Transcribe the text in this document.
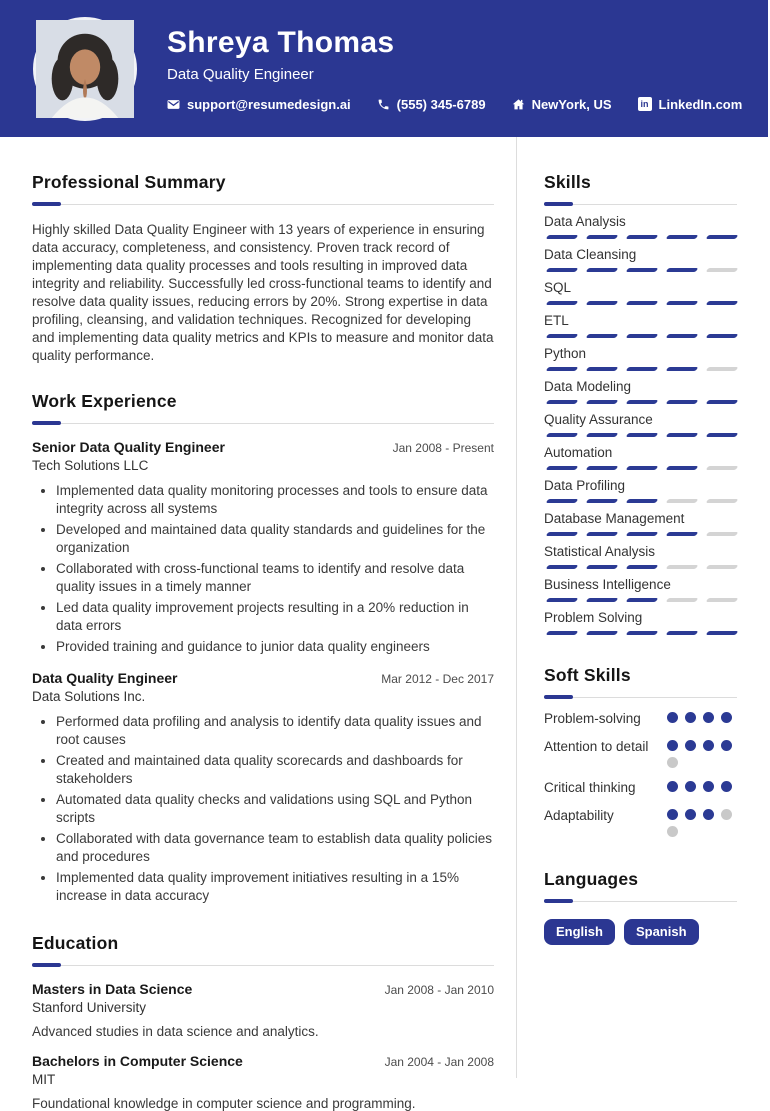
Shreya Thomas
Data Quality Engineer
support@resumedesign.ai	(555) 345-6789	NewYork, US	in LinkedIn.com
Professional Summary

Highly skilled Data Quality Engineer with 13 years of experience in ensuring data accuracy, completeness, and consistency. Proven track record of implementing data quality processes and tools resulting in improved data integrity and reliability. Successfully led cross-functional teams to identify and resolve data quality issues, reducing errors by 20%. Strong expertise in data profiling, cleansing, and validation techniques. Recognized for developing and implementing data quality metrics and KPIs to measure and monitor data quality performance.

Work Experience
Senior Data Quality Engineer	Jan 2008 - Present
Tech Solutions LLC
• Implemented data quality monitoring processes and tools to ensure data integrity across all systems
• Developed and maintained data quality standards and guidelines for the organization
• Collaborated with cross-functional teams to identify and resolve data quality issues in a timely manner
• Led data quality improvement projects resulting in a 20% reduction in data errors
• Provided training and guidance to junior data quality engineers
Data Quality Engineer	Mar 2012 - Dec 2017
Data Solutions Inc.
• Performed data profiling and analysis to identify data quality issues and root causes
• Created and maintained data quality scorecards and dashboards for stakeholders
• Automated data quality checks and validations using SQL and Python scripts
• Collaborated with data governance team to establish data quality policies and procedures
• Implemented data quality improvement initiatives resulting in a 15% increase in data accuracy
Education
Masters in Data Science	Jan 2008 - Jan 2010
Stanford University
Advanced studies in data science and analytics.
Bachelors in Computer Science	Jan 2004 - Jan 2008
MIT
Foundational knowledge in computer science and programming.
Skills
Data Analysis
Data Cleansing
SQL
ETL
Python
Data Modeling
Quality Assurance
Automation
Data Profiling
Database Management
Statistical Analysis
Business Intelligence
Problem Solving
Soft Skills
Problem-solving
Attention to detail
Critical thinking
Adaptability
Languages
English	Spanish
